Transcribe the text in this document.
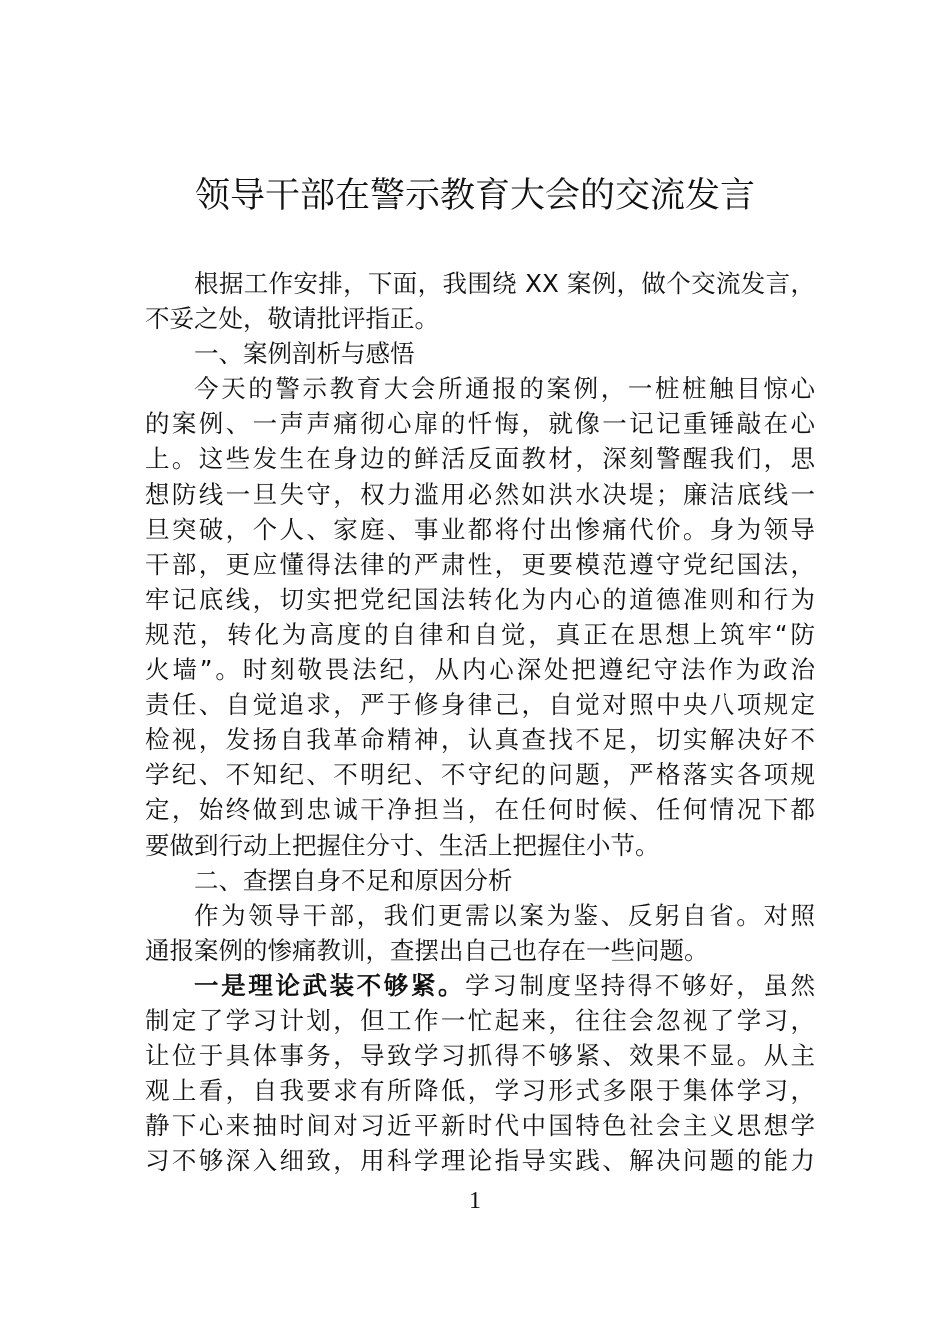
领导干部在警示教育大会的交流发言
根据工作安排，下面，我围绕 XX 案例，做个交流发言，
不妥之处，敬请批评指正。
一、案例剖析与感悟
今天的警示教育大会所通报的案例，一桩桩触目惊心
的案例、一声声痛彻心扉的忏悔，就像一记记重锤敲在心
上。这些发生在身边的鲜活反面教材，深刻警醒我们，思
想防线一旦失守，权力滥用必然如洪水决堤；廉洁底线一
旦突破，个人、家庭、事业都将付出惨痛代价。身为领导
干部，更应懂得法律的严肃性，更要模范遵守党纪国法，
牢记底线，切实把党纪国法转化为内心的道德准则和行为
规范，转化为高度的自律和自觉，真正在思想上筑牢“防
火墙”。时刻敬畏法纪，从内心深处把遵纪守法作为政治
责任、自觉追求，严于修身律己，自觉对照中央八项规定
检视，发扬自我革命精神，认真查找不足，切实解决好不
学纪、不知纪、不明纪、不守纪的问题，严格落实各项规
定，始终做到忠诚干净担当，在任何时候、任何情况下都
要做到行动上把握住分寸、生活上把握住小节。
二、查摆自身不足和原因分析
作为领导干部，我们更需以案为鉴、反躬自省。对照
通报案例的惨痛教训，查摆出自己也存在一些问题。
一是理论武装不够紧。学习制度坚持得不够好，虽然
制定了学习计划，但工作一忙起来，往往会忽视了学习，
让位于具体事务，导致学习抓得不够紧、效果不显。从主
观上看，自我要求有所降低，学习形式多限于集体学习，
静下心来抽时间对习近平新时代中国特色社会主义思想学
习不够深入细致，用科学理论指导实践、解决问题的能力
1
